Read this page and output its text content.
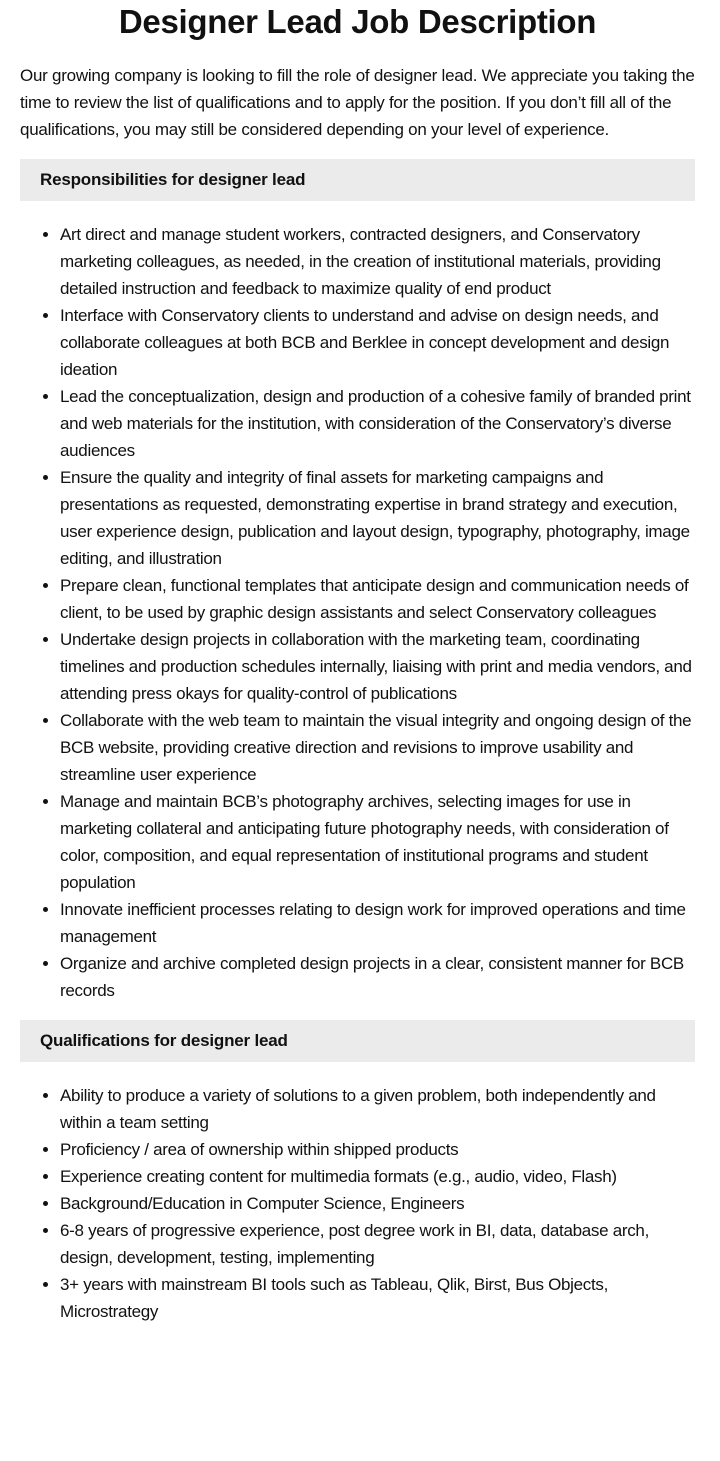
Designer Lead Job Description

Our growing company is looking to fill the role of designer lead. We appreciate you taking the time to review the list of qualifications and to apply for the position. If you don’t fill all of the qualifications, you may still be considered depending on your level of experience.

Responsibilities for designer lead
• Art direct and manage student workers, contracted designers, and Conservatory marketing colleagues, as needed, in the creation of institutional materials, providing detailed instruction and feedback to maximize quality of end product
• Interface with Conservatory clients to understand and advise on design needs, and collaborate colleagues at both BCB and Berklee in concept development and design ideation
• Lead the conceptualization, design and production of a cohesive family of branded print and web materials for the institution, with consideration of the Conservatory’s diverse audiences
• Ensure the quality and integrity of final assets for marketing campaigns and presentations as requested, demonstrating expertise in brand strategy and execution, user experience design, publication and layout design, typography, photography, image editing, and illustration
• Prepare clean, functional templates that anticipate design and communication needs of client, to be used by graphic design assistants and select Conservatory colleagues
• Undertake design projects in collaboration with the marketing team, coordinating timelines and production schedules internally, liaising with print and media vendors, and attending press okays for quality-control of publications
• Collaborate with the web team to maintain the visual integrity and ongoing design of the BCB website, providing creative direction and revisions to improve usability and streamline user experience
• Manage and maintain BCB’s photography archives, selecting images for use in marketing collateral and anticipating future photography needs, with consideration of color, composition, and equal representation of institutional programs and student population
• Innovate inefficient processes relating to design work for improved operations and time management
• Organize and archive completed design projects in a clear, consistent manner for BCB records
Qualifications for designer lead
• Ability to produce a variety of solutions to a given problem, both independently and within a team setting
• Proficiency / area of ownership within shipped products
• Experience creating content for multimedia formats (e.g., audio, video, Flash)
• Background/Education in Computer Science, Engineers
• 6-8 years of progressive experience, post degree work in BI, data, database arch, design, development, testing, implementing
• 3+ years with mainstream BI tools such as Tableau, Qlik, Birst, Bus Objects, Microstrategy
